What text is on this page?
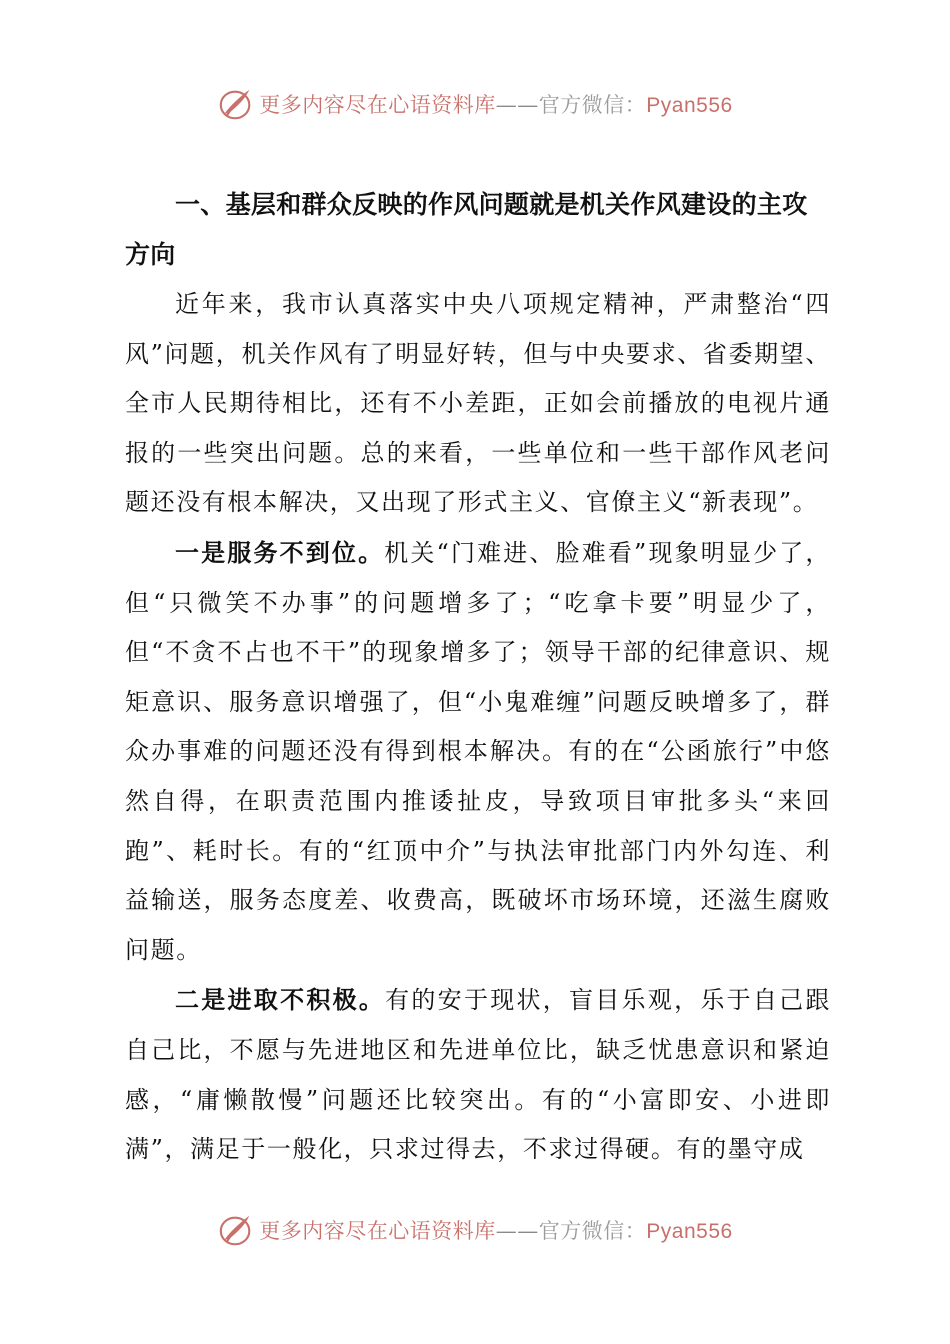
更多内容尽在心语资料库——官方微信：Pyan556
一、基层和群众反映的作风问题就是机关作风建设的主攻方向

近年来，我市认真落实中央八项规定精神，严肃整治“四风”问题，机关作风有了明显好转，但与中央要求、省委期望、全市人民期待相比，还有不小差距，正如会前播放的电视片通报的一些突出问题。总的来看，一些单位和一些干部作风老问题还没有根本解决，又出现了形式主义、官僚主义“新表现”。

一是服务不到位。机关“门难进、脸难看”现象明显少了，但“只微笑不办事”的问题增多了；“吃拿卡要”明显少了，但“不贪不占也不干”的现象增多了；领导干部的纪律意识、规矩意识、服务意识增强了，但“小鬼难缠”问题反映增多了，群众办事难的问题还没有得到根本解决。有的在“公函旅行”中悠然自得，在职责范围内推诿扯皮，导致项目审批多头“来回跑”、耗时长。有的“红顶中介”与执法审批部门内外勾连、利益输送，服务态度差、收费高，既破坏市场环境，还滋生腐败问题。

二是进取不积极。有的安于现状，盲目乐观，乐于自己跟自己比，不愿与先进地区和先进单位比，缺乏忧患意识和紧迫感，“庸懒散慢”问题还比较突出。有的“小富即安、小进即满”，满足于一般化，只求过得去，不求过得硬。有的墨守成

更多内容尽在心语资料库——官方微信：Pyan556
